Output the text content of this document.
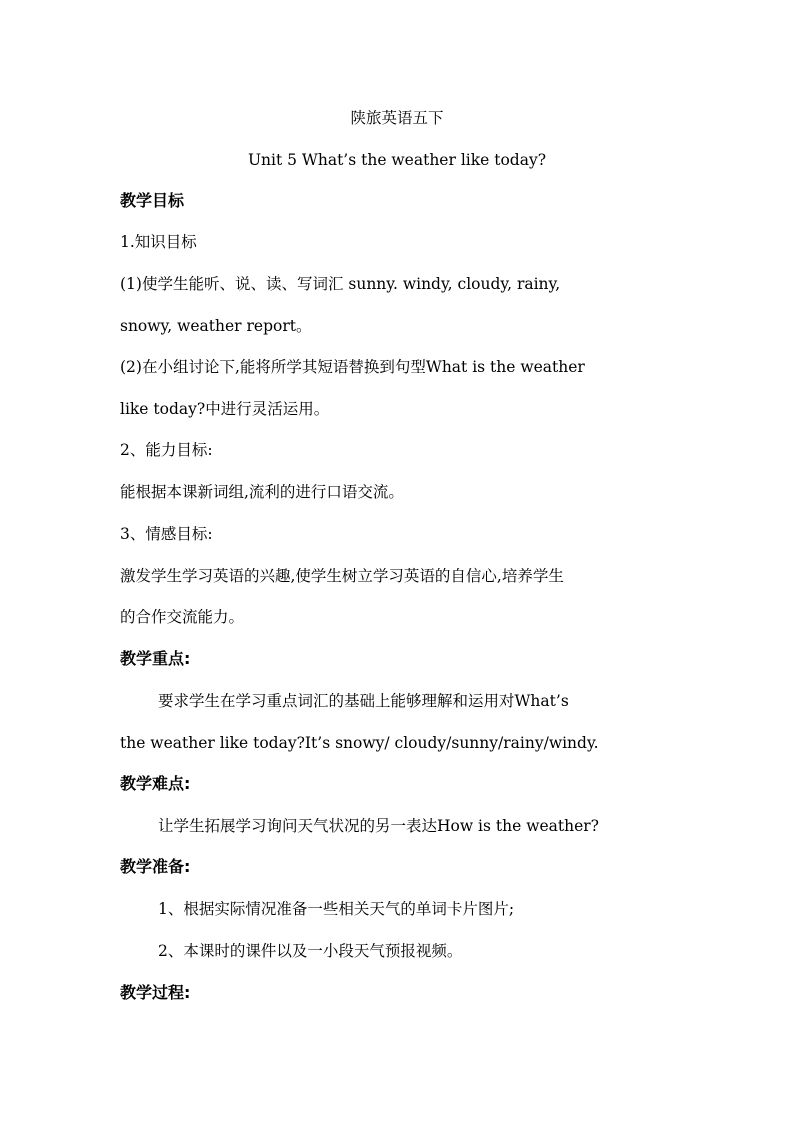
陕旅英语五下
Unit 5 What’s the weather like today?
教学目标
1.知识目标
(1)使学生能听、说、读、写词汇 sunny. windy, cloudy, rainy,
snowy, weather report。
(2)在小组讨论下,能将所学其短语替换到句型What is the weather
like today?中进行灵活运用。
2、能力目标:
能根据本课新词组,流利的进行口语交流。
3、情感目标:
激发学生学习英语的兴趣,使学生树立学习英语的自信心,培养学生
的合作交流能力。
教学重点:
要求学生在学习重点词汇的基础上能够理解和运用对What’s
the weather like today?It’s snowy/ cloudy/sunny/rainy/windy.
教学难点:
让学生拓展学习询问天气状况的另一表达How is the weather?
教学准备:
1、根据实际情况准备一些相关天气的单词卡片图片;
2、本课时的课件以及一小段天气预报视频。
教学过程:
